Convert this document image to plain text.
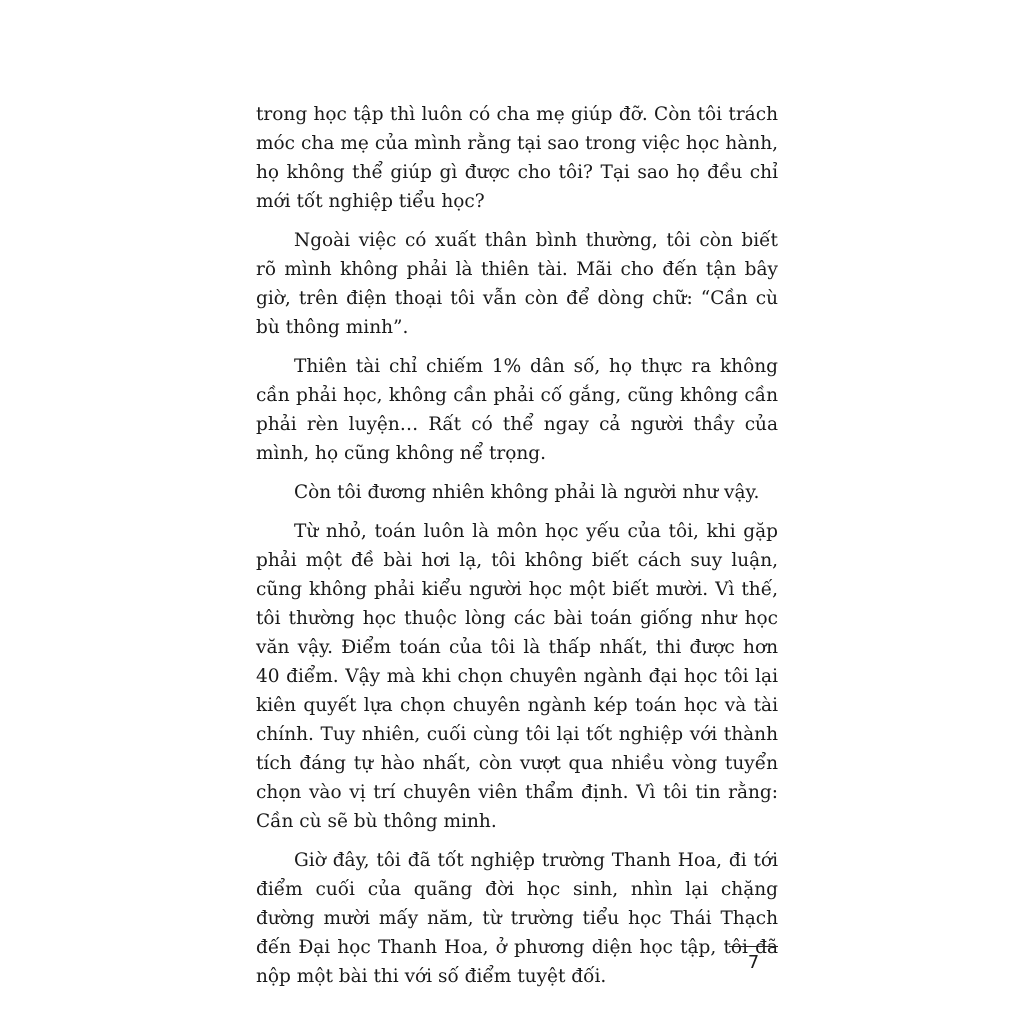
trong học tập thì luôn có cha mẹ giúp đỡ. Còn tôi trách móc cha mẹ của mình rằng tại sao trong việc học hành, họ không thể giúp gì được cho tôi? Tại sao họ đều chỉ mới tốt nghiệp tiểu học?

Ngoài việc có xuất thân bình thường, tôi còn biết rõ mình không phải là thiên tài. Mãi cho đến tận bây giờ, trên điện thoại tôi vẫn còn để dòng chữ: “Cần cù bù thông minh”.

Thiên tài chỉ chiếm 1% dân số, họ thực ra không cần phải học, không cần phải cố gắng, cũng không cần phải rèn luyện… Rất có thể ngay cả người thầy của mình, họ cũng không nể trọng.

Còn tôi đương nhiên không phải là người như vậy.

Từ nhỏ, toán luôn là môn học yếu của tôi, khi gặp phải một đề bài hơi lạ, tôi không biết cách suy luận, cũng không phải kiểu người học một biết mười. Vì thế, tôi thường học thuộc lòng các bài toán giống như học văn vậy. Điểm toán của tôi là thấp nhất, thi được hơn 40 điểm. Vậy mà khi chọn chuyên ngành đại học tôi lại kiên quyết lựa chọn chuyên ngành kép toán học và tài chính. Tuy nhiên, cuối cùng tôi lại tốt nghiệp với thành tích đáng tự hào nhất, còn vượt qua nhiều vòng tuyển chọn vào vị trí chuyên viên thẩm định. Vì tôi tin rằng: Cần cù sẽ bù thông minh.

Giờ đây, tôi đã tốt nghiệp trường Thanh Hoa, đi tới điểm cuối của quãng đời học sinh, nhìn lại chặng đường mười mấy năm, từ trường tiểu học Thái Thạch đến Đại học Thanh Hoa, ở phương diện học tập, tôi đã nộp một bài thi với số điểm tuyệt đối.

7
